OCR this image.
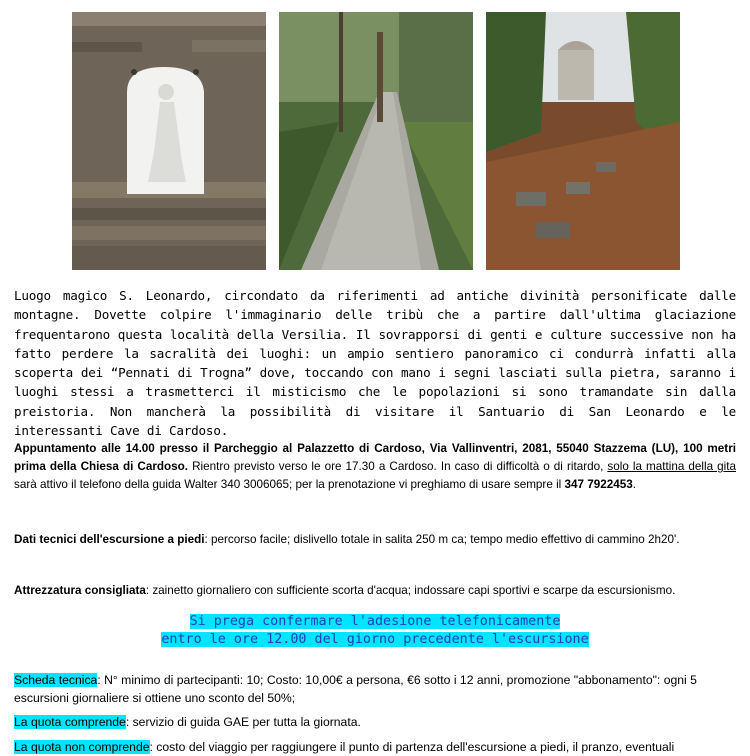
Luogo magico S. Leonardo, circondato da riferimenti ad antiche divinità personificate dalle montagne. Dovette colpire l'immaginario delle tribù che a partire dall'ultima glaciazione frequentarono questa località della Versilia. Il sovrapporsi di genti e culture successive non ha fatto perdere la sacralità dei luoghi: un ampio sentiero panoramico ci condurrà infatti alla scoperta dei “Pennati di Trogna” dove, toccando con mano i segni lasciati sulla pietra, saranno i luoghi stessi a trasmetterci il misticismo che le popolazioni si sono tramandate sin dalla preistoria. Non mancherà la possibilità di visitare il Santuario di San Leonardo e le interessanti Cave di Cardoso.

Appuntamento alle 14.00 presso il Parcheggio al Palazzetto di Cardoso, Via Vallinventri, 2081, 55040 Stazzema (LU), 100 metri prima della Chiesa di Cardoso. Rientro previsto verso le ore 17.30 a Cardoso. In caso di difficoltà o di ritardo, solo la mattina della gita sarà attivo il telefono della guida Walter 340 3006065; per la prenotazione vi preghiamo di usare sempre il 347 7922453.

Dati tecnici dell'escursione a piedi: percorso facile; dislivello totale in salita 250 m ca; tempo medio effettivo di cammino 2h20'.

Attrezzatura consigliata: zainetto giornaliero con sufficiente scorta d'acqua; indossare capi sportivi e scarpe da escursionismo.

Si prega confermare l'adesione telefonicamente
entro le ore 12.00 del giorno precedente l'escursione

Scheda tecnica: N° minimo di partecipanti: 10; Costo: 10,00€ a persona, €6 sotto i 12 anni, promozione "abbonamento": ogni 5 escursioni giornaliere si ottiene uno sconto del 50%;

La quota comprende: servizio di guida GAE per tutta la giornata.

La quota non comprende: costo del viaggio per raggiungere il punto di partenza dell'escursione a piedi, il pranzo, eventuali
